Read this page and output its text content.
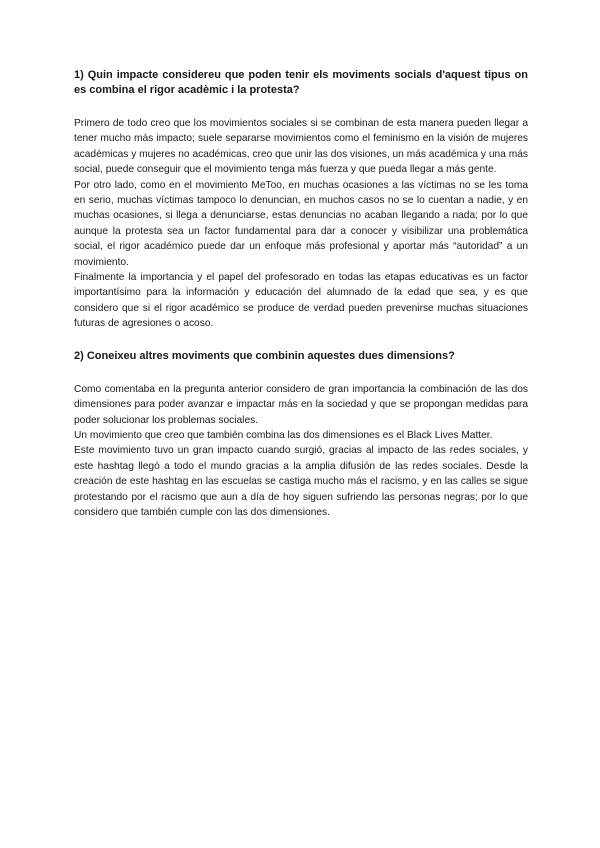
1) Quin impacte considereu que poden tenir els moviments socials d'aquest tipus on es combina el rigor acadèmic i la protesta?

Primero de todo creo que los movimientos sociales si se combinan de esta manera pueden llegar a tener mucho más impacto; suele separarse movimientos como el feminismo en la visión de mujeres académicas y mujeres no académicas, creo que unir las dos visiones, un más académica y una más social, puede conseguir que el movimiento tenga más fuerza y que pueda llegar a más gente.

Por otro lado, como en el movimiento MeToo, en muchas ocasiones a las víctimas no se les toma en serio, muchas víctimas tampoco lo denuncian, en muchos casos no se lo cuentan a nadie, y en muchas ocasiones, si llega a denunciarse, estas denuncias no acaban llegando a nada; por lo que aunque la protesta sea un factor fundamental para dar a conocer y visibilizar una problemática social, el rigor académico puede dar un enfoque más profesional y aportar más “autoridad” a un movimiento.

Finalmente la importancia y el papel del profesorado en todas las etapas educativas es un factor importantísimo para la información y educación del alumnado de la edad que sea, y es que considero que si el rigor académico se produce de verdad pueden prevenirse muchas situaciones futuras de agresiones o acoso.

2) Coneixeu altres moviments que combinin aquestes dues dimensions?

Como comentaba en la pregunta anterior considero de gran importancia la combinación de las dos dimensiones para poder avanzar e impactar más en la sociedad y que se propongan medidas para poder solucionar los problemas sociales.

Un movimiento que creo que también combina las dos dimensiones es el Black Lives Matter.

Este movimiento tuvo un gran impacto cuando surgió, gracias al impacto de las redes sociales, y este hashtag llegó a todo el mundo gracias a la amplia difusión de las redes sociales. Desde la creación de este hashtag en las escuelas se castiga mucho más el racismo, y en las calles se sigue protestando por el racismo que aun a día de hoy siguen sufriendo las personas negras; por lo que considero que también cumple con las dos dimensiones.
